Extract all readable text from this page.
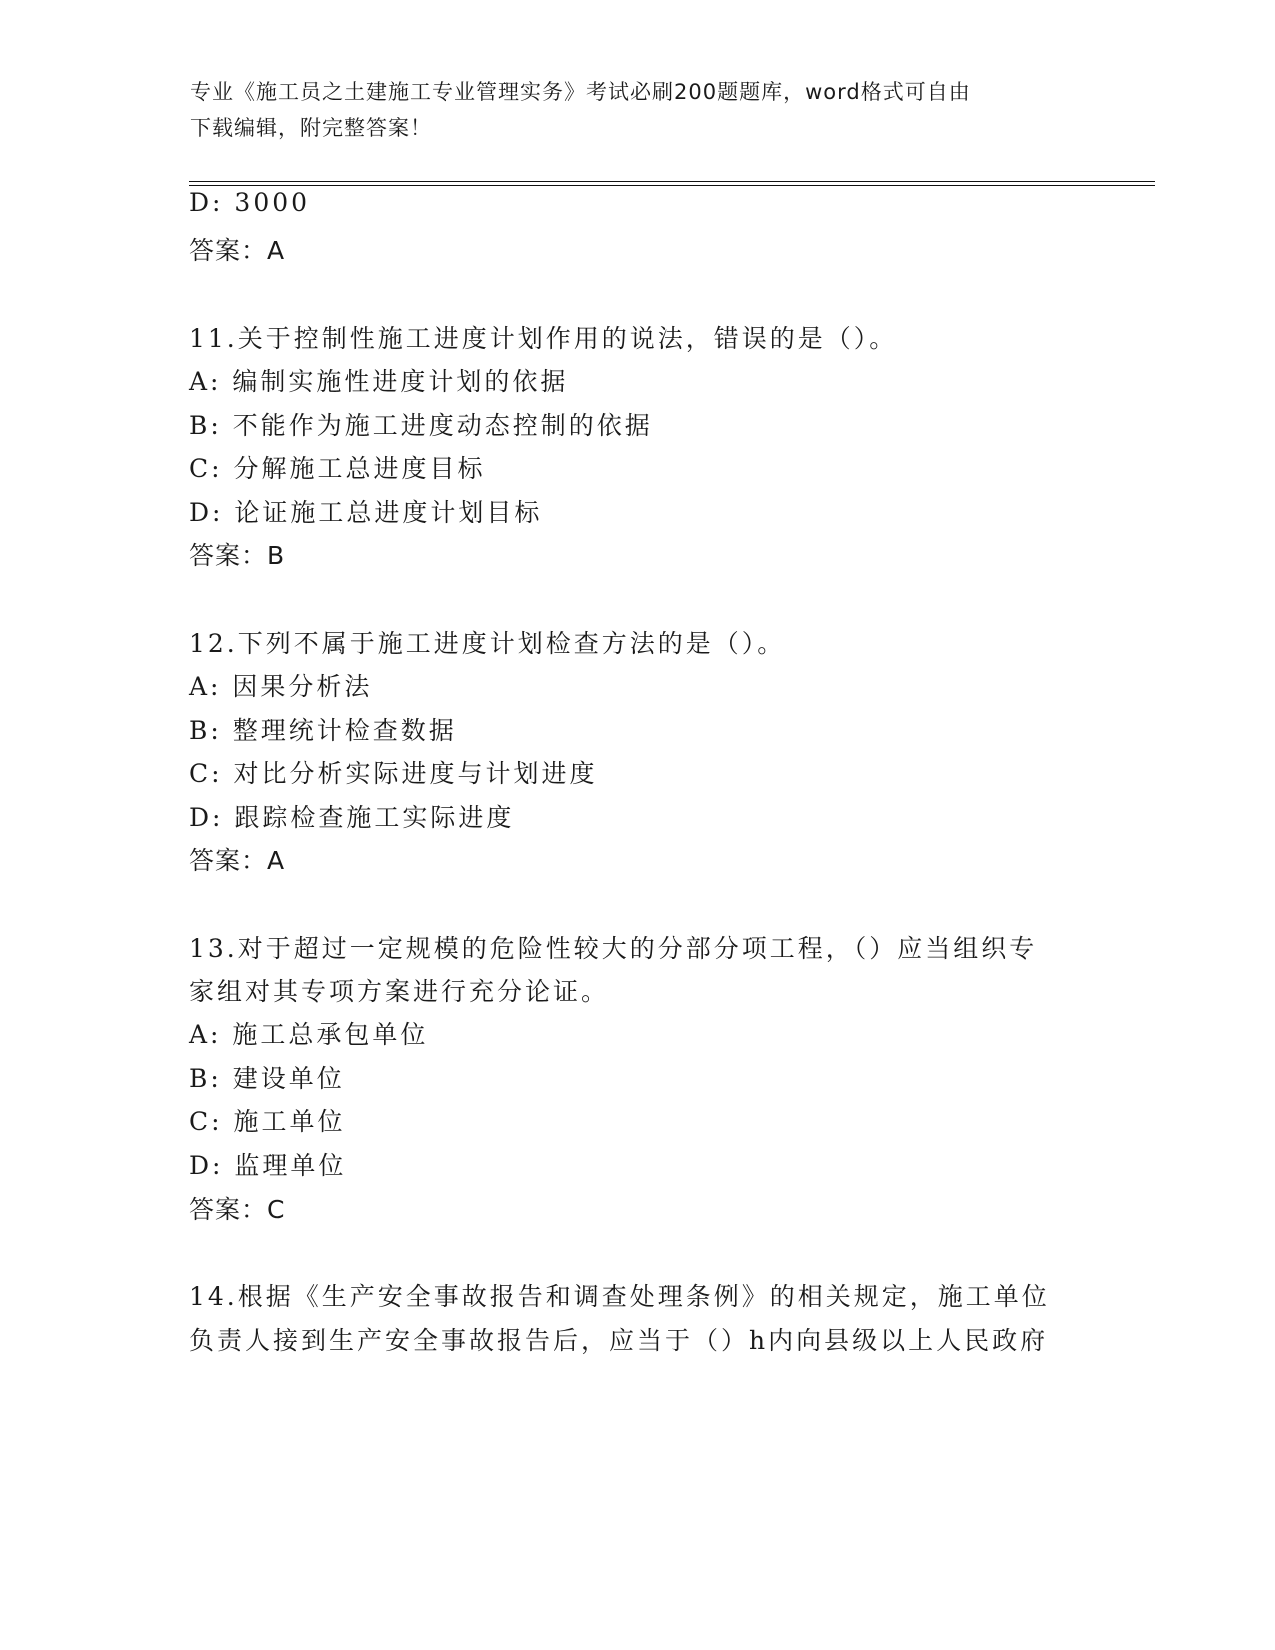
专业《施工员之土建施工专业管理实务》考试必刷200题题库，word格式可自由
下载编辑，附完整答案！
D: 3000
答案：A
11.关于控制性施工进度计划作用的说法，错误的是（）。
A: 编制实施性进度计划的依据
B: 不能作为施工进度动态控制的依据
C: 分解施工总进度目标
D: 论证施工总进度计划目标
答案：B
12.下列不属于施工进度计划检查方法的是（）。
A: 因果分析法
B: 整理统计检查数据
C: 对比分析实际进度与计划进度
D: 跟踪检查施工实际进度
答案：A
13.对于超过一定规模的危险性较大的分部分项工程，（）应当组织专
家组对其专项方案进行充分论证。
A: 施工总承包单位
B: 建设单位
C: 施工单位
D: 监理单位
答案：C
14.根据《生产安全事故报告和调查处理条例》的相关规定，施工单位
负责人接到生产安全事故报告后，应当于（）h内向县级以上人民政府
